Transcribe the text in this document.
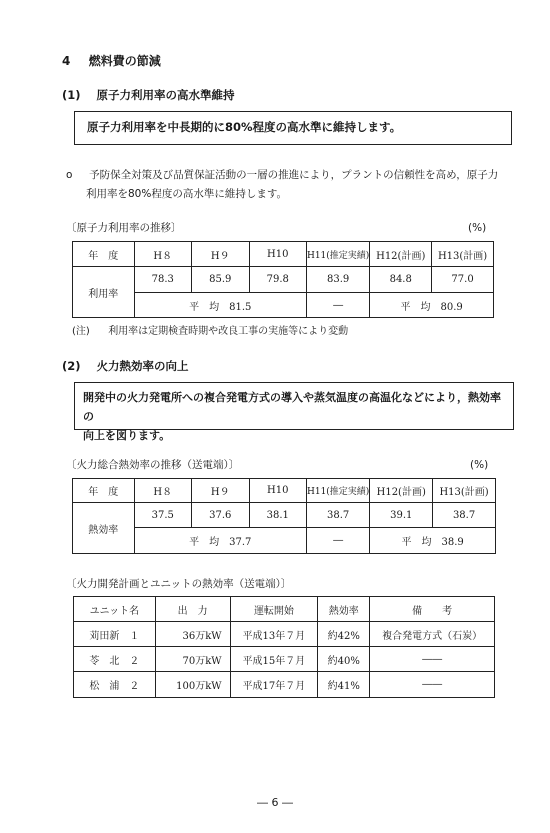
4 燃料費の節減
(1) 原子力利用率の高水準維持
原子力利用率を中長期的に80%程度の高水準に維持します。
o 予防保全対策及び品質保証活動の一層の推進により，プラントの信頼性を高め，原子力
利用率を80%程度の高水準に維持します。
〔原子力利用率の推移〕	(%)
年　度	H８	H９	H10	H11(推定実績)	H12(計画)	H13(計画)
利用率	78.3	85.9	79.8	83.9	84.8	77.0
	平　均 81.5			―	平　均 80.9	
(注) 利用率は定期検査時期や改良工事の実施等により変動
(2) 火力熱効率の向上
開発中の火力発電所への複合発電方式の導入や蒸気温度の高温化などにより，熱効率の
向上を図ります。
〔火力総合熱効率の推移（送電端）〕	(%)
年　度	H８	H９	H10	H11(推定実績)	H12(計画)	H13(計画)
熱効率	37.5	37.6	38.1	38.7	39.1	38.7
	平　均 37.7			―	平　均 38.9	
〔火力開発計画とユニットの熱効率（送電端）〕
ユニット名	出　力	運転開始	熱効率	備　　考
苅田新　１	36万kW	平成13年７月	約42%	複合発電方式（石炭）
苓　北　２	70万kW	平成15年７月	約40%	――
松　浦　２	100万kW	平成17年７月	約41%	――
― 6 ―
